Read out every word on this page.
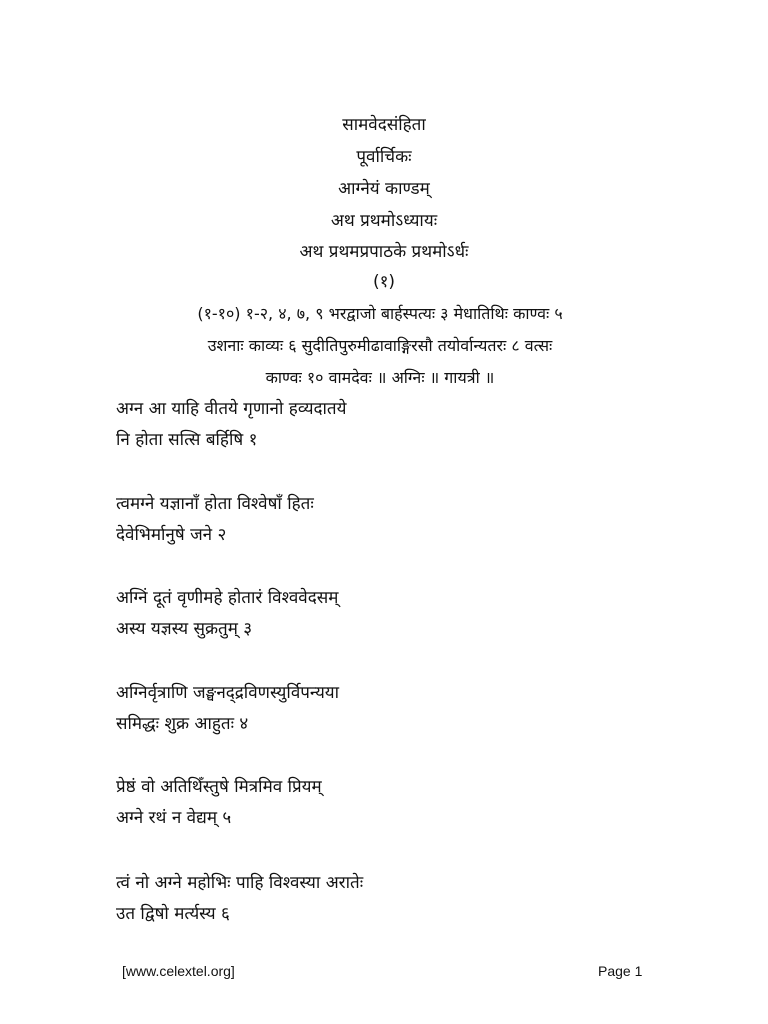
सामवेदसंहिता
पूर्वार्चिकः
आग्नेयं काण्डम्
अथ प्रथमोऽध्यायः
अथ प्रथमप्रपाठके प्रथमोऽर्धः
(१)
(१-१०) १-२, ४, ७, ९ भरद्वाजो बार्हस्पत्यः ३ मेधातिथिः काण्वः ५
उशनाः काव्यः ६ सुदीतिपुरुमीढावाङ्गिरसौ तयोर्वान्यतरः ८ वत्सः
काण्वः १० वामदेवः ॥ अग्निः ॥ गायत्री ॥
अग्न आ याहि वीतये गृणानो हव्यदातये
नि होता सत्सि बर्हिषि १
त्वमग्ने यज्ञानाँ होता विश्वेषाँ हितः
देवेभिर्मानुषे जने २
अग्निं दूतं वृणीमहे होतारं विश्ववेदसम्
अस्य यज्ञस्य सुक्रतुम् ३
अग्निर्वृत्राणि जङ्घनद्द्रविणस्युर्विपन्यया
समिद्धः शुक्र आहुतः ४
प्रेष्ठं वो अतिथिँस्तुषे मित्रमिव प्रियम्
अग्ने रथं न वेद्यम् ५
त्वं नो अग्ने महोभिः पाहि विश्वस्या अरातेः
उत द्विषो मर्त्यस्य ६
[www.celextel.org]	Page 1
